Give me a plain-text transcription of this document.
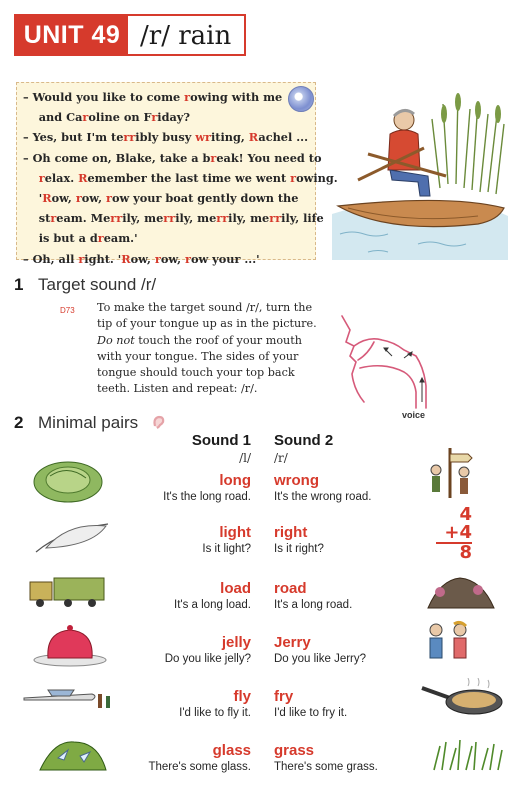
UNIT 49 /r/ rain
– Would you like to come rowing with me
and Caroline on Friday?
– Yes, but I'm terribly busy writing, Rachel ...
– Oh come on, Blake, take a break! You need to
relax. Remember the last time we went rowing.
'Row, row, row your boat gently down the
stream. Merrily, merrily, merrily, merrily, life
is but a dream.'
– Oh, all right. 'Row, row, row your ...'
1 Target sound /r/
D73 To make the target sound /r/, turn the tip of your tongue up as in the picture. Do not touch the roof of your mouth with your tongue. The sides of your tongue should touch your top back teeth. Listen and repeat: /r/.
voice
2 Minimal pairs
Sound 1
/l/
Sound 2
/r/
long
It's the long road.
wrong
It's the wrong road.
light
Is it light?
right
Is it right?
load
It's a long load.
road
It's a long road.
jelly
Do you like jelly?
Jerry
Do you like Jerry?
fly
I'd like to fly it.
fry
I'd like to fry it.
glass
There's some glass.
grass
There's some grass.
4
+4
8
